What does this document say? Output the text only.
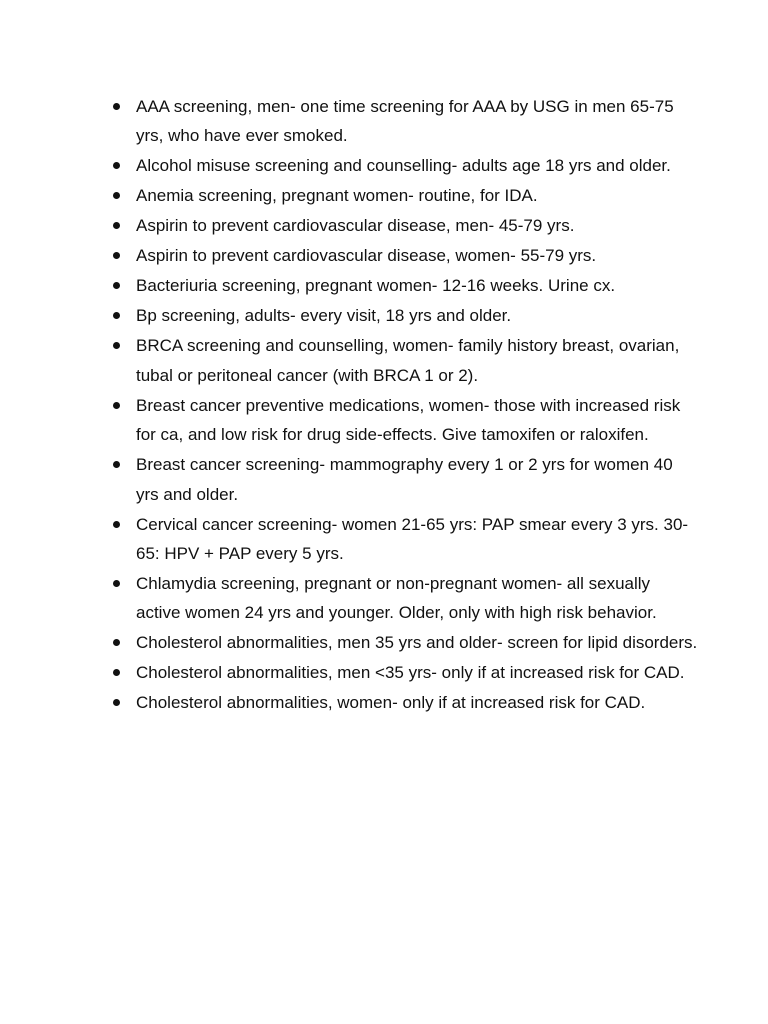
AAA screening, men- one time screening for AAA by USG in men 65-75 yrs, who have ever smoked.
Alcohol misuse screening and counselling- adults age 18 yrs and older.
Anemia screening, pregnant women- routine, for IDA.
Aspirin to prevent cardiovascular disease, men- 45-79 yrs.
Aspirin to prevent cardiovascular disease, women- 55-79 yrs.
Bacteriuria screening, pregnant women- 12-16 weeks. Urine cx.
Bp screening, adults- every visit, 18 yrs and older.
BRCA screening and counselling, women- family history breast, ovarian, tubal or peritoneal cancer (with BRCA 1 or 2).
Breast cancer preventive medications, women- those with increased risk for ca, and low risk for drug side-effects. Give tamoxifen or raloxifen.
Breast cancer screening- mammography every 1 or 2 yrs for women 40 yrs and older.
Cervical cancer screening- women 21-65 yrs: PAP smear every 3 yrs. 30-65: HPV + PAP every 5 yrs.
Chlamydia screening, pregnant or non-pregnant women- all sexually active women 24 yrs and younger. Older, only with high risk behavior.
Cholesterol abnormalities, men 35 yrs and older- screen for lipid disorders.
Cholesterol abnormalities, men <35 yrs- only if at increased risk for CAD.
Cholesterol abnormalities, women- only if at increased risk for CAD.
